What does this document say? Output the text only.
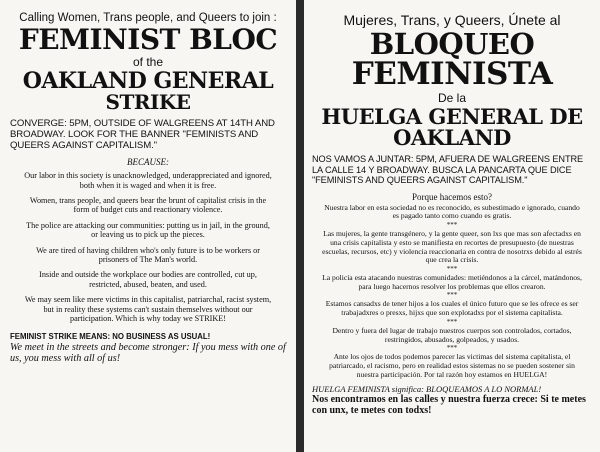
Calling Women, Trans people, and Queers to join :

FEMINIST BLOC

of the

OAKLAND GENERAL

STRIKE

CONVERGE: 5PM, OUTSIDE OF WALGREENS AT 14TH AND BROADWAY. LOOK FOR THE BANNER "FEMINISTS AND QUEERS AGAINST CAPITALISM."

BECAUSE:

Our labor in this society is unacknowledged, underappreciated and ignored, both when it is waged and when it is free.

Women, trans people, and queers bear the brunt of capitalist crisis in the form of budget cuts and reactionary violence.

The police are attacking our communities: putting us in jail, in the ground, or leaving us to pick up the pieces.

We are tired of having children who's only future is to be workers or prisoners of The Man's world.

Inside and outside the workplace our bodies are controlled, cut up, restricted, abused, beaten, and used.

We may seem like mere victims in this capitalist, patriarchal, racist system, but in reality these systems can't sustain themselves without our participation. Which is why today we STRIKE!

FEMINIST STRIKE MEANS: NO BUSINESS AS USUAL!

We meet in the streets and become stronger: If you mess with one of us, you mess with all of us!

Mujeres, Trans, y Queers, Únete al

BLOQUEO

FEMINISTA

De la

HUELGA GENERAL DE

OAKLAND

NOS VAMOS A JUNTAR: 5PM, AFUERA DE WALGREENS ENTRE LA CALLE 14 Y BROADWAY. BUSCA LA PANCARTA QUE DICE "FEMINISTS AND QUEERS AGAINST CAPITALISM."

Porque hacemos esto?

Nuestra labor en esta sociedad no es reconocido, es subestimado e ignorado, cuando es pagado tanto como cuando es gratis.

***

Las mujeres, la gente transgénero, y la gente queer, son lxs que mas son afectadxs en una crisis capitalista y esto se manifiesta en recortes de presupuesto (de nuestras escuelas, recursos, etc) y violencia reaccionaria en contra de nosotrxs debido al estrés que crea la crisis.

***

La policía esta atacando nuestras comunidades: metiéndonos a la cárcel, matándonos, para luego hacernos resolver los problemas que ellos crearon.

***

Estamos cansadxs de tener hijos a los cuales el único futuro que se les ofrece es ser trabajadxres o presxs, hijxs que son explotadxs por el sistema capitalista.

***

Dentro y fuera del lugar de trabajo nuestros cuerpos son controlados, cortados, restringidos, abusados, golpeados, y usados.

***

Ante los ojos de todos podemos parecer las victimas del sistema capitalista, el patriarcado, el racismo, pero en realidad estos sistemas no se pueden sostener sin nuestra participación. Por tal razón hoy estamos en HUELGA!

HUELGA FEMINISTA significa: BLOQUEAMOS A LO NORMAL!

Nos encontramos en las calles y nuestra fuerza crece: Si te metes con unx, te metes con todxs!
